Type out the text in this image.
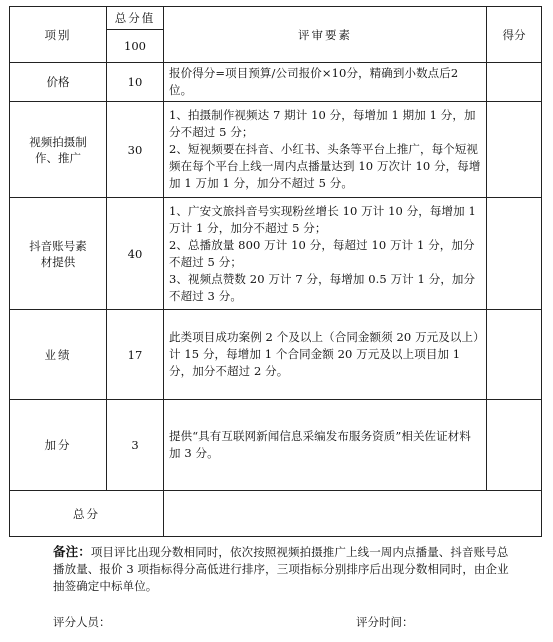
项别	总分值	评审要素	得分
	100		
价格	10	报价得分=项目预算/公司报价×10分，精确到小数点后2位。	

视频拍摄制作、推广	30	1、拍摄制作视频达 7 期计 10 分，每增加 1 期加 1 分，加分不超过 5 分；
2、短视频要在抖音、小红书、头条等平台上推广，每个短视频在每个平台上线一周内点播量达到 10 万次计 10 分，每增加 1 万加 1 分，加分不超过 5 分。	

抖音账号素材提供	40	1、广安文旅抖音号实现粉丝增长 10 万计 10 分，每增加 1 万计 1 分，加分不超过 5 分；
2、总播放量 800 万计 10 分，每超过 10 万计 1 分，加分不超过 5 分；
3、视频点赞数 20 万计 7 分，每增加 0.5 万计 1 分，加分不超过 3 分。	

业绩	17	此类项目成功案例 2 个及以上（合同金额须 20 万元及以上）计 15 分，每增加 1 个合同金额 20 万元及以上项目加 1 分，加分不超过 2 分。	

加分	3	提供“具有互联网新闻信息采编发布服务资质”相关佐证材料加 3 分。	

总分			
备注：项目评比出现分数相同时，依次按照视频拍摄推广上线一周内点播量、抖音账号总播放量、报价 3 项指标得分高低进行排序，三项指标分别排序后出现分数相同时，由企业抽签确定中标单位。
评分人员：	评分时间：
